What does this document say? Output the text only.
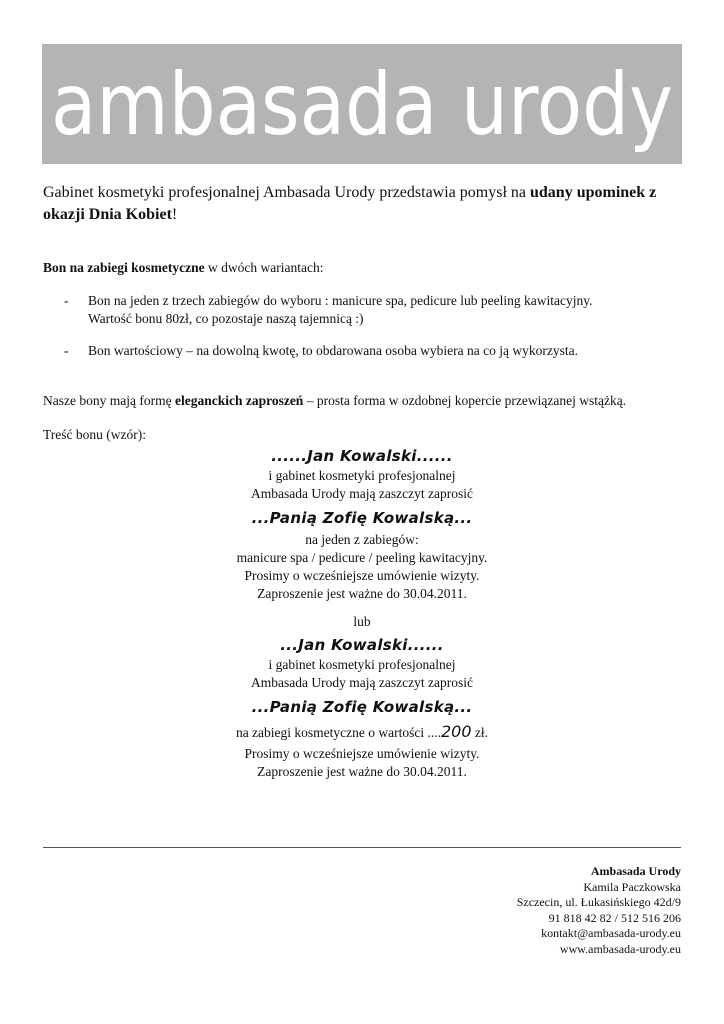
ambasada urody
Gabinet kosmetyki profesjonalnej Ambasada Urody przedstawia pomysł na udany upominek z okazji Dnia Kobiet!
Bon na zabiegi kosmetyczne w dwóch wariantach:
- Bon na jeden z trzech zabiegów do wyboru : manicure spa, pedicure lub peeling kawitacyjny.
Wartość bonu 80zł, co pozostaje naszą tajemnicą :)
- Bon wartościowy – na dowolną kwotę, to obdarowana osoba wybiera na co ją wykorzysta.
Nasze bony mają formę eleganckich zaproszeń – prosta forma w ozdobnej kopercie przewiązanej wstążką.
Treść bonu (wzór):
......Jan Kowalski......
i gabinet kosmetyki profesjonalnej
Ambasada Urody mają zaszczyt zaprosić
...Panią Zofię Kowalską...
na jeden z zabiegów:
manicure spa / pedicure / peeling kawitacyjny.
Prosimy o wcześniejsze umówienie wizyty.
Zaproszenie jest ważne do 30.04.2011.
lub
...Jan Kowalski......
i gabinet kosmetyki profesjonalnej
Ambasada Urody mają zaszczyt zaprosić
...Panią Zofię Kowalską...
na zabiegi kosmetyczne o wartości ....200 zł.
Prosimy o wcześniejsze umówienie wizyty.
Zaproszenie jest ważne do 30.04.2011.
Ambasada Urody
Kamila Paczkowska
Szczecin, ul. Łukasińskiego 42d/9
91 818 42 82 / 512 516 206
kontakt@ambasada-urody.eu
www.ambasada-urody.eu
